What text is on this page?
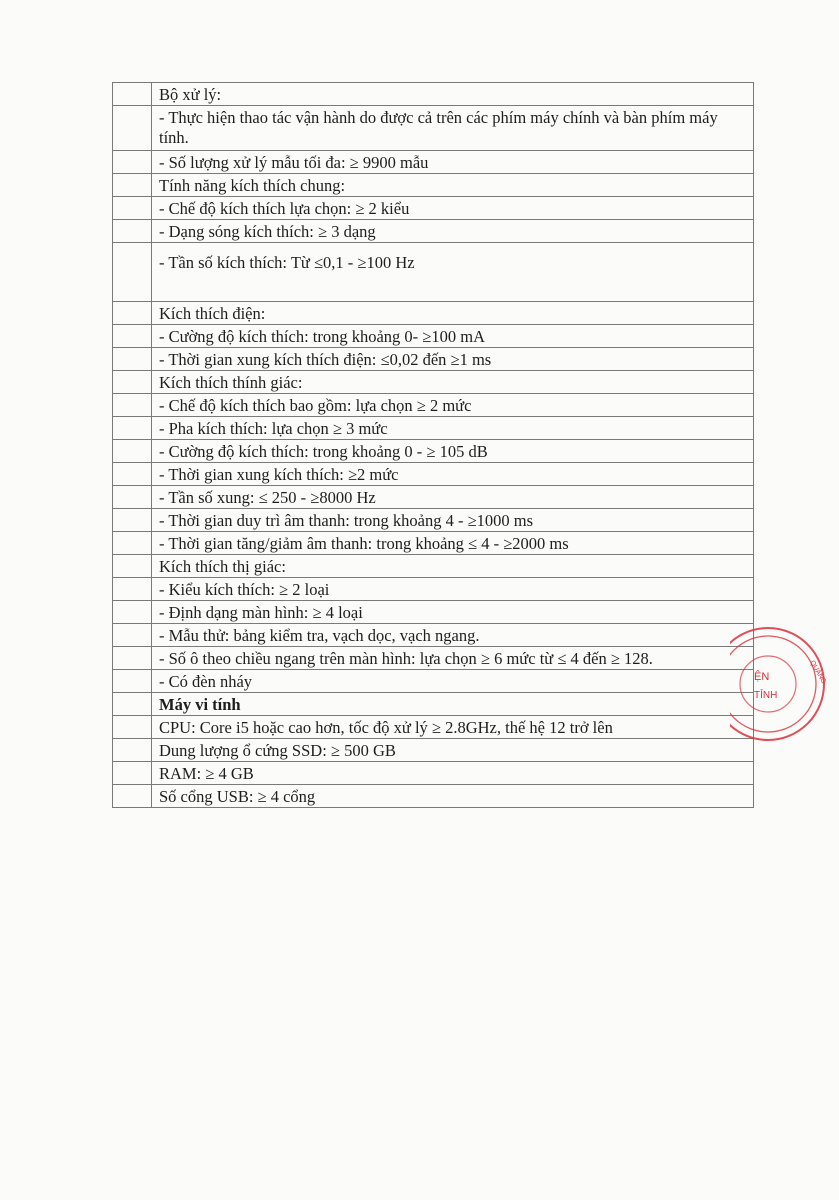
	Bộ xử lý:
	- Thực hiện thao tác vận hành do được cả trên các phím máy chính và bàn phím máy tính.
	- Số lượng xử lý mẫu tối đa: ≥ 9900 mẫu
	Tính năng kích thích chung:
	- Chế độ kích thích lựa chọn: ≥ 2 kiểu
	- Dạng sóng kích thích: ≥ 3 dạng
	- Tần số kích thích: Từ ≤0,1 - ≥100 Hz
	Kích thích điện:
	- Cường độ kích thích: trong khoảng 0- ≥100 mA
	- Thời gian xung kích thích điện: ≤0,02 đến ≥1 ms
	Kích thích thính giác:
	- Chế độ kích thích bao gồm: lựa chọn ≥ 2 mức
	- Pha kích thích: lựa chọn ≥ 3 mức
	- Cường độ kích thích: trong khoảng 0 - ≥ 105 dB
	- Thời gian xung kích thích: ≥2 mức
	- Tần số xung: ≤ 250 - ≥8000 Hz
	- Thời gian duy trì âm thanh: trong khoảng 4 - ≥1000 ms
	- Thời gian tăng/giảm âm thanh: trong khoảng ≤ 4 - ≥2000 ms
	Kích thích thị giác:
	- Kiểu kích thích: ≥ 2 loại
	- Định dạng màn hình: ≥ 4 loại
	- Mẫu thử: bảng kiểm tra, vạch dọc, vạch ngang.
	- Số ô theo chiều ngang trên màn hình: lựa chọn ≥ 6 mức từ ≤ 4 đến ≥ 128.
	- Có đèn nháy
	Máy vi tính
	CPU: Core i5 hoặc cao hơn, tốc độ xử lý ≥ 2.8GHz, thế hệ 12 trở lên
	Dung lượng ổ cứng SSD: ≥ 500 GB
	RAM: ≥ 4 GB
	Số cổng USB: ≥ 4 cổng
ỆN
TỈNH
QUẢNG
